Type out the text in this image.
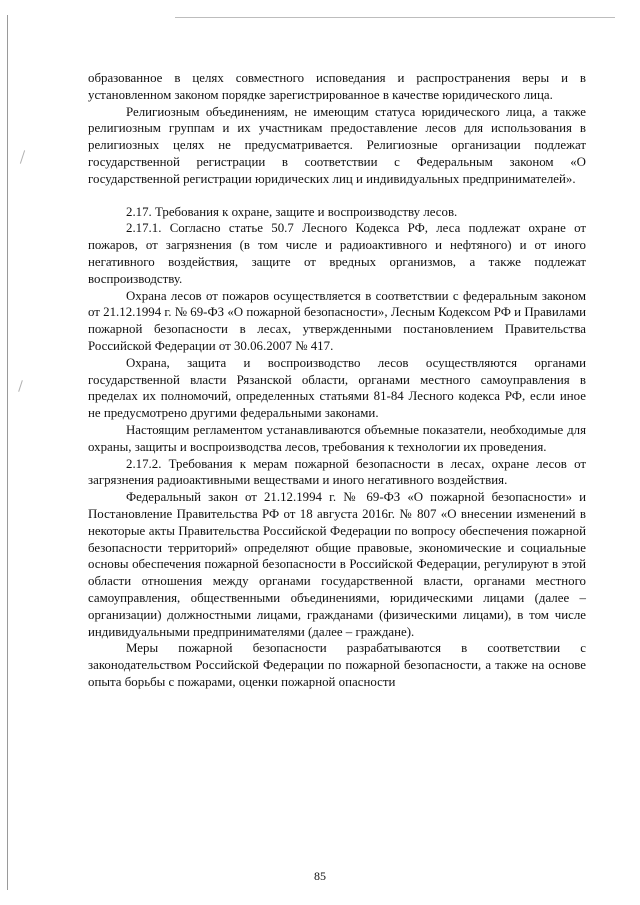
образованное в целях совместного исповедания и распространения веры и в установленном законом порядке зарегистрированное в качестве юридического лица.

Религиозным объединениям, не имеющим статуса юридического лица, а также религиозным группам и их участникам предоставление лесов для использования в религиозных целях не предусматривается. Религиозные организации подлежат государственной регистрации в соответствии с Федеральным законом «О государственной регистрации юридических лиц и индивидуальных предпринимателей».

2.17. Требования к охране, защите и воспроизводству лесов.

2.17.1. Согласно статье 50.7 Лесного Кодекса РФ, леса подлежат охране от пожаров, от загрязнения (в том числе и радиоактивного и нефтяного) и от иного негативного воздействия, защите от вредных организмов, а также подлежат воспроизводству.

Охрана лесов от пожаров осуществляется в соответствии с федеральным законом от 21.12.1994 г. № 69-ФЗ «О пожарной безопасности», Лесным Кодексом РФ и Правилами пожарной безопасности в лесах, утвержденными постановлением Правительства Российской Федерации от 30.06.2007 № 417.

Охрана, защита и воспроизводство лесов осуществляются органами государственной власти Рязанской области, органами местного самоуправления в пределах их полномочий, определенных статьями 81-84 Лесного кодекса РФ, если иное не предусмотрено другими федеральными законами.

Настоящим регламентом устанавливаются объемные показатели, необходимые для охраны, защиты и воспроизводства лесов, требования к технологии их проведения.

2.17.2. Требования к мерам пожарной безопасности в лесах, охране лесов от загрязнения радиоактивными веществами и иного негативного воздействия.

Федеральный закон от 21.12.1994 г. № 69-ФЗ «О пожарной безопасности» и Постановление Правительства РФ от 18 августа 2016г. № 807 «О внесении изменений в некоторые акты Правительства Российской Федерации по вопросу обеспечения пожарной безопасности территорий» определяют общие правовые, экономические и социальные основы обеспечения пожарной безопасности в Российской Федерации, регулируют в этой области отношения между органами государственной власти, органами местного самоуправления, общественными объединениями, юридическими лицами (далее – организации) должностными лицами, гражданами (физическими лицами), в том числе индивидуальными предпринимателями (далее – граждане).

Меры пожарной безопасности разрабатываются в соответствии с законодательством Российской Федерации по пожарной безопасности, а также на основе опыта борьбы с пожарами, оценки пожарной опасности

85
